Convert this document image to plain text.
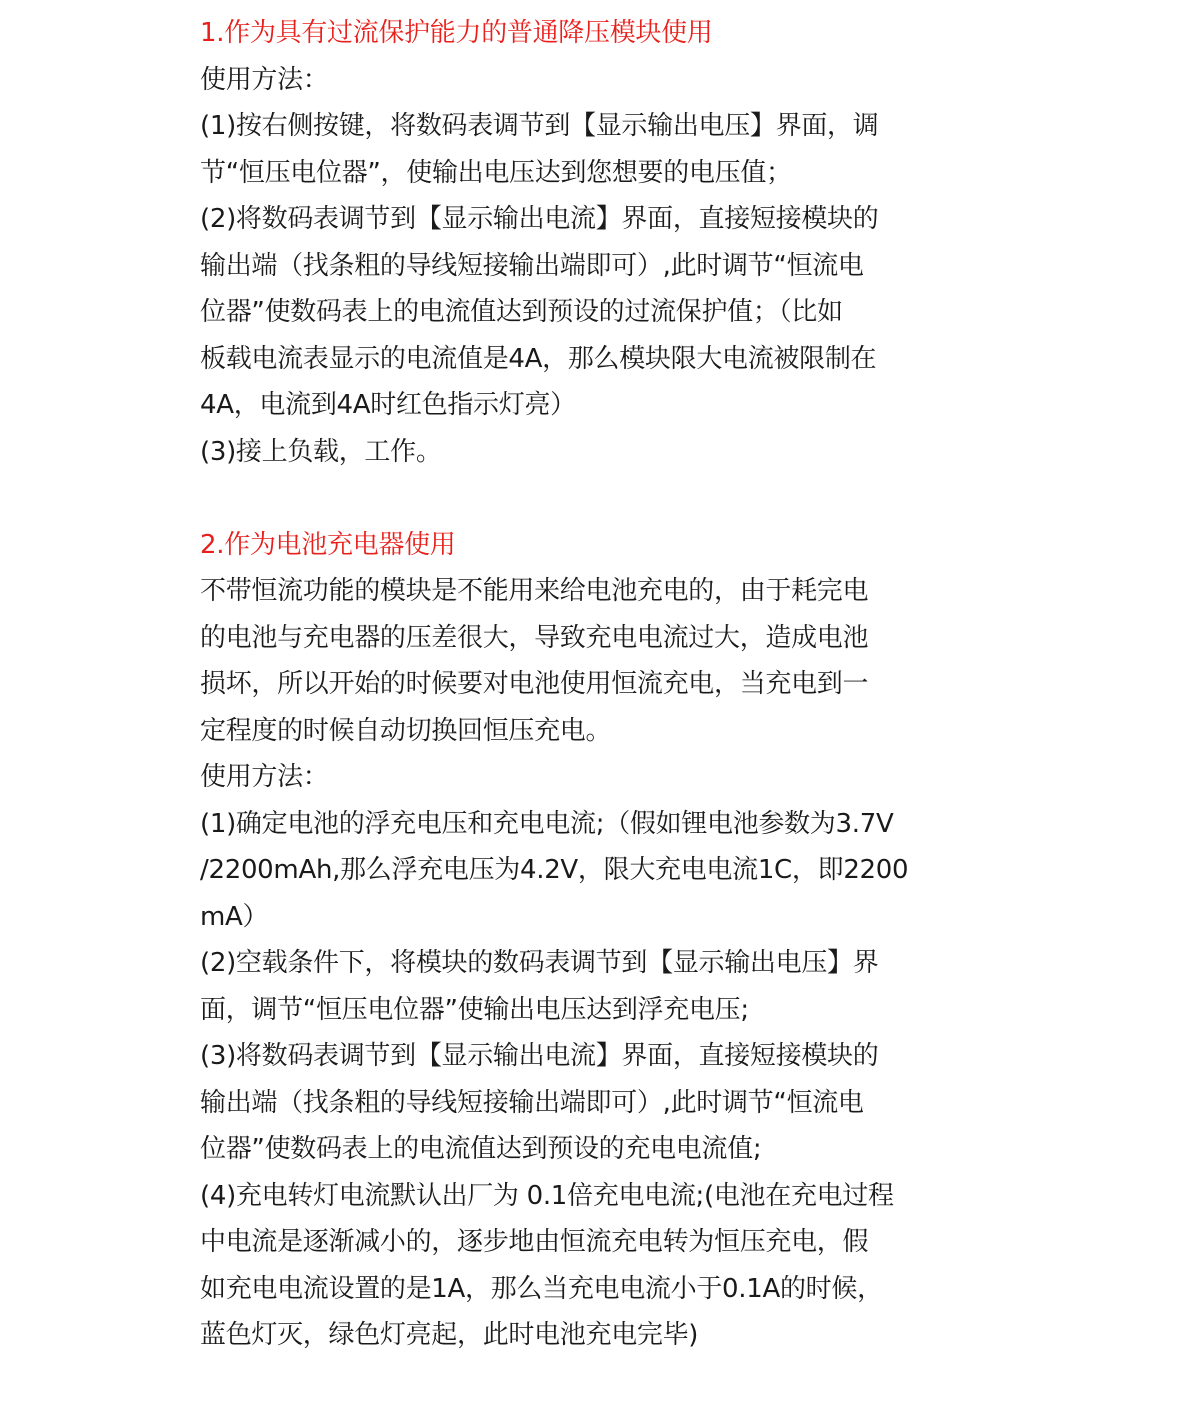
1.作为具有过流保护能力的普通降压模块使用
使用方法：
(1)按右侧按键，将数码表调节到【显示输出电压】界面，调
节“恒压电位器”，使输出电压达到您想要的电压值；
(2)将数码表调节到【显示输出电流】界面，直接短接模块的
输出端（找条粗的导线短接输出端即可）,此时调节“恒流电
位器”使数码表上的电流值达到预设的过流保护值；（比如
板载电流表显示的电流值是4A，那么模块限大电流被限制在
4A，电流到4A时红色指示灯亮）
(3)接上负载，工作。
2.作为电池充电器使用
不带恒流功能的模块是不能用来给电池充电的，由于耗完电
的电池与充电器的压差很大，导致充电电流过大，造成电池
损坏，所以开始的时候要对电池使用恒流充电，当充电到一
定程度的时候自动切换回恒压充电。
使用方法：
(1)确定电池的浮充电压和充电电流;（假如锂电池参数为3.7V
/2200mAh,那么浮充电压为4.2V，限大充电电流1C，即2200
mA）
(2)空载条件下，将模块的数码表调节到【显示输出电压】界
面，调节“恒压电位器”使输出电压达到浮充电压;
(3)将数码表调节到【显示输出电流】界面，直接短接模块的
输出端（找条粗的导线短接输出端即可）,此时调节“恒流电
位器”使数码表上的电流值达到预设的充电电流值;
(4)充电转灯电流默认出厂为 0.1倍充电电流;(电池在充电过程
中电流是逐渐减小的，逐步地由恒流充电转为恒压充电，假
如充电电流设置的是1A，那么当充电电流小于0.1A的时候，
蓝色灯灭，绿色灯亮起，此时电池充电完毕)
